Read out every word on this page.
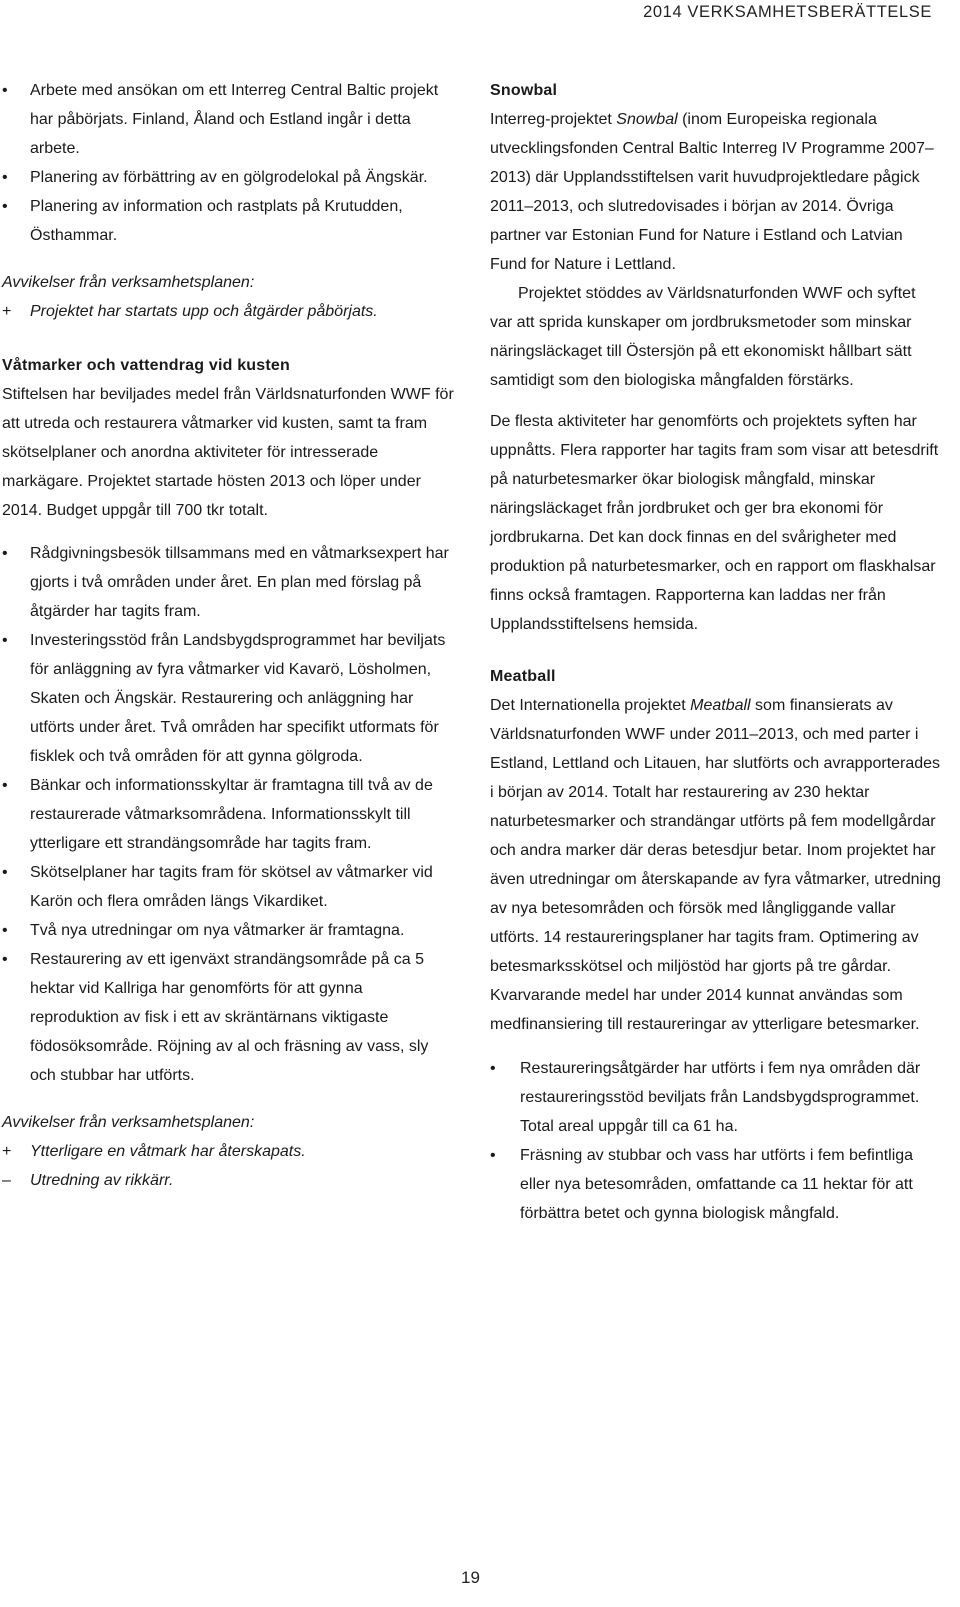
2014 VERKSAMHETSBERÄTTELSE
• Arbete med ansökan om ett Interreg Central Baltic projekt har påbörjats. Finland, Åland och Estland ingår i detta arbete.
• Planering av förbättring av en gölgrodelokal på Ängskär.
• Planering av information och rastplats på Krutudden, Östhammar.

Avvikelser från verksamhetsplanen:

+	Projektet har startats upp och åtgärder påbörjats.

Våtmarker och vattendrag vid kusten

Stiftelsen har beviljades medel från Världsnaturfonden WWF för att utreda och restaurera våtmarker vid kusten, samt ta fram skötselplaner och anordna aktiviteter för intresserade markägare. Projektet startade hösten 2013 och löper under 2014. Budget uppgår till 700 tkr totalt.

• Rådgivningsbesök tillsammans med en våtmarksexpert har gjorts i två områden under året. En plan med förslag på åtgärder har tagits fram.
• Investeringsstöd från Landsbygdsprogrammet har beviljats för anläggning av fyra våtmarker vid Kavarö, Lösholmen, Skaten och Ängskär. Restaurering och anläggning har utförts under året. Två områden har specifikt utformats för fisklek och två områden för att gynna gölgroda.
• Bänkar och informationsskyltar är framtagna till två av de restaurerade våtmarksområdena. Informationsskylt till ytterligare ett strandängsområde har tagits fram.
• Skötselplaner har tagits fram för skötsel av våtmarker vid Karön och flera områden längs Vikardiket.
• Två nya utredningar om nya våtmarker är framtagna.
• Restaurering av ett igenväxt strandängsområde på ca 5 hektar vid Kallriga har genomförts för att gynna reproduktion av fisk i ett av skräntärnans viktigaste födosöksområde. Röjning av al och fräsning av vass, sly och stubbar har utförts.

Avvikelser från verksamhetsplanen:

+	Ytterligare en våtmark har återskapats.
–	Utredning av rikkärr.

Snowbal

Interreg-projektet Snowbal (inom Europeiska regionala utvecklingsfonden Central Baltic Interreg IV Programme 2007–2013) där Upplandsstiftelsen varit huvudprojektledare pågick 2011–2013, och slutredovisades i början av 2014. Övriga partner var Estonian Fund for Nature i Estland och Latvian Fund for Nature i Lettland.

Projektet stöddes av Världsnaturfonden WWF och syftet var att sprida kunskaper om jordbruksmetoder som minskar näringsläckaget till Östersjön på ett ekonomiskt hållbart sätt samtidigt som den biologiska mångfalden förstärks.

De flesta aktiviteter har genomförts och projektets syften har uppnåtts. Flera rapporter har tagits fram som visar att betesdrift på naturbetesmarker ökar biologisk mångfald, minskar näringsläckaget från jordbruket och ger bra ekonomi för jordbrukarna. Det kan dock finnas en del svårigheter med produktion på naturbetesmarker, och en rapport om flaskhalsar finns också framtagen. Rapporterna kan laddas ner från Upplandsstiftelsens hemsida.

Meatball

Det Internationella projektet Meatball som finansierats av Världsnaturfonden WWF under 2011–2013, och med parter i Estland, Lettland och Litauen, har slutförts och avrapporterades i början av 2014. Totalt har restaurering av 230 hektar naturbetesmarker och strandängar utförts på fem modellgårdar och andra marker där deras betesdjur betar. Inom projektet har även utredningar om återskapande av fyra våtmarker, utredning av nya betesområden och försök med långliggande vallar utförts. 14 restaureringsplaner har tagits fram. Optimering av betesmarksskötsel och miljöstöd har gjorts på tre gårdar. Kvarvarande medel har under 2014 kunnat användas som medfinansiering till restaureringar av ytterligare betesmarker.

• Restaureringsåtgärder har utförts i fem nya områden där restaureringsstöd beviljats från Landsbygdsprogrammet. Total areal uppgår till ca 61 ha.
• Fräsning av stubbar och vass har utförts i fem befintliga eller nya betesområden, omfattande ca 11 hektar för att förbättra betet och gynna biologisk mångfald.
19
